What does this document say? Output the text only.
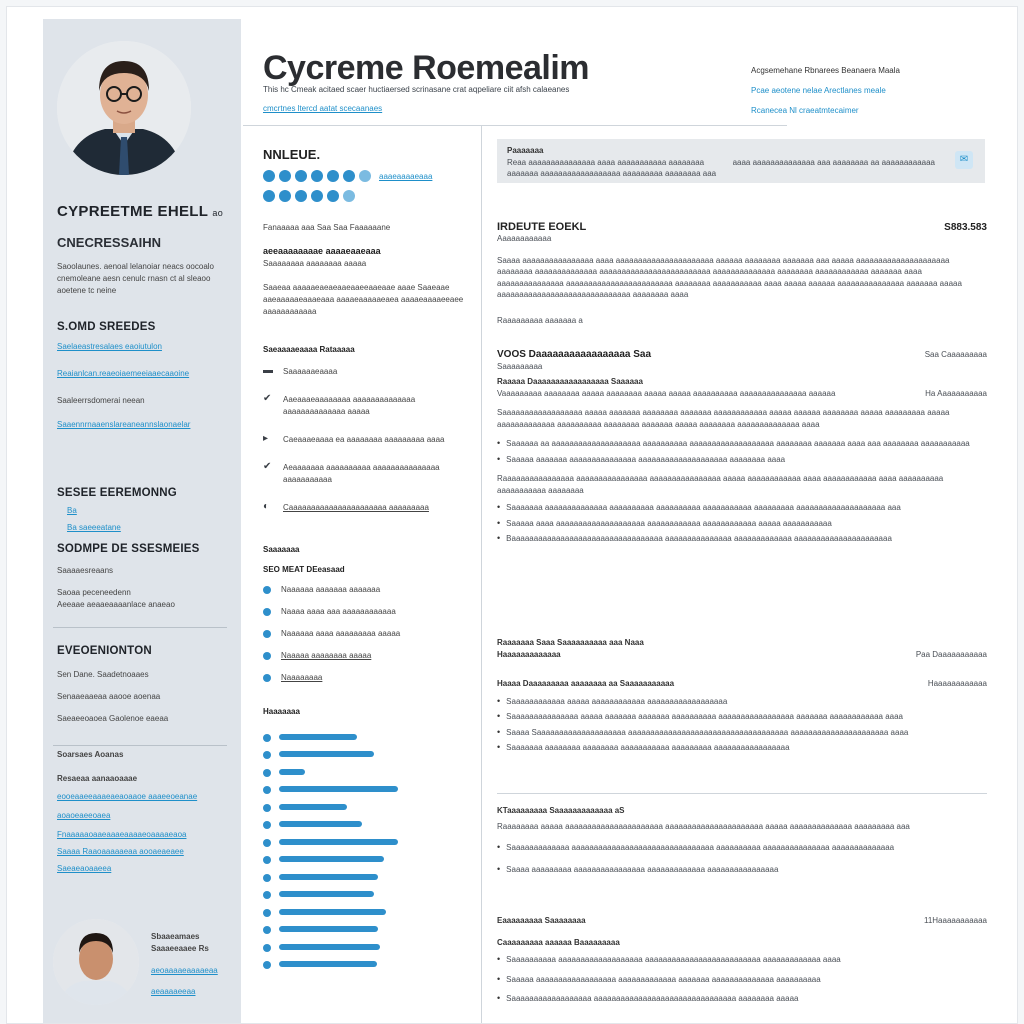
CYPREETME EHELL ao
CNECRESSAIHN
Saoolaunes. aenoal lelanoiar neacs oocoalo cnemoleane aesn cenulc rnasn ct al sleaoo aoetene tc neine
S.OMD SREEDES
Saelaeastresalaes eaoiutulon
Reaianlcan.reaeoiaemeeiaaecaaoine
Saaleerrsdomerai neean
Saaennrnaaenslareaneannslaonaelar
SESEE EEREMONNG
Ba
Ba saeeeatane
SODMPE DE SSESMEIES
Saaaaesreaans
Saoaa peceneedenn
Aeeaae aeaaeaaaanlace anaeao
EVEOENIONTON
Sen Dane. Saadetnoaaes
Senaaeaaeaa aaooe aoenaa
Saeaeeoaoea Gaolenoe eaeaa
Soarsaes Aoanas
Resaeaa aanaaoaaae
eooeaaeeaaaeaeaoaaoe aaaeeoeanae
aoaoeaeeoaea
Fnaaaaaoaaeaaaeaaaaeoaaaaeaoa
Saaaa Raaoaaaaaeaa aooaeaeaee
Saeaeaoaaeea
Sbaaeamaes
Saaaeeaaee Rs
aeoaaaaeaaaaeaa
aeaaaaeeaa
Cycreme Roemealim
This hc Cmeak acitaed scaer huctiaersed scrinasane crat aqpeliare ciit afsh calaeanes
cmcrtnes ltercd aatat scecaanaes
Acgsemehane Rbnarees Beanaera Maala
Pcae aeotene nelae Arectlanes meale
Rcanecea Nl craeatmtecaimer
NNLEUE.
aaaeaaaaeaaa
Fanaaaaa aaa Saa Saa Faaaaaane
aeeaaaaaaaae aaaaeaaeaaa
Saaaaaaaa aaaaaaaa aaaaa
Saaeaa aaaaaeaeaeaaeaaeeaaeaae aaae Saaeaae aaeaaaaaeaaaeaaa aaaaeaaaaaeaea aaaaeaaaaeeaee aaaaaaaaaaaa
Saeaaaaeaaaa Rataaaaa
▬ Saaaaaaeaaaa
✔ Aaeaaaeaaaaaaaa aaaaaaaaaaaaaa aaaaaaaaaaaaaa aaaaa
▸	Caeaaaeaaaa ea aaaaaaaa aaaaaaaaa aaaa
✔ Aeaaaaaaa aaaaaaaaaa aaaaaaaaaaaaaaa aaaaaaaaaaa
◐	Caaaaaaaaaaaaaaaaaaaaaa aaaaaaaaa
Saaaaaaa
SEO MEAT DEeasaad
Naaaaaa aaaaaaa aaaaaaa
Naaaa aaaa aaa aaaaaaaaaaaa
Naaaaaa aaaa aaaaaaaaa aaaaa
Naaaaa aaaaaaaa aaaaa
Naaaaaaaa
Haaaaaaa
Paaaaaaa
Reaa aaaaaaaaaaaaaaa aaaa aaaaaaaaaaa aaaaaaaa	aaaa aaaaaaaaaaaaaa aaa aaaaaaaa aa aaaaaaaaaaaa
aaaaaaa aaaaaaaaaaaaaaaaaa aaaaaaaaa aaaaaaaa aaa
✉
IRDEUTE EOEKL	S883.583
Aaaaaaaaaaaa
Saaaa aaaaaaaaaaaaaaaa aaaa aaaaaaaaaaaaaaaaaaaaaa aaaaaa aaaaaaaa aaaaaaa aaa aaaaa aaaaaaaaaaaaaaaaaaaaa aaaaaaaa aaaaaaaaaaaaaa aaaaaaaaaaaaaaaaaaaaaaaaa aaaaaaaaaaaaaa aaaaaaaa aaaaaaaaaaaa aaaaaaa aaaa aaaaaaaaaaaaaaa aaaaaaaaaaaaaaaaaaaaaaaa aaaaaaaa aaaaaaaaaaa aaaa aaaaa aaaaaa aaaaaaaaaaaaaaa aaaaaaa aaaaa aaaaaaaaaaaaaaaaaaaaaaaaaaaaaa aaaaaaaa aaaa
Raaaaaaaaa aaaaaaa a
VOOS Daaaaaaaaaaaaaaaaa Saa	Saa Caaaaaaaaa
Saaaaaaaaa
Raaaaa Daaaaaaaaaaaaaaaaa Saaaaaa
Vaaaaaaaaa aaaaaaaa aaaaa aaaaaaaa aaaaa aaaaa aaaaaaaaaa aaaaaaaaaaaaaaa aaaaaa	Ha Aaaaaaaaaaa
Saaaaaaaaaaaaaaaaaa aaaaa aaaaaaa aaaaaaaa aaaaaaa aaaaaaaaaaaa aaaaa aaaaaa aaaaaaaa aaaaa aaaaaaaaa aaaaa aaaaaaaaaaaaa aaaaaaaaaa aaaaaaaa aaaaaaa aaaaa aaaaaaaa aaaaaaaaaaaaaa aaaa
• Saaaaaa aa aaaaaaaaaaaaaaaaaaaa aaaaaaaaaa aaaaaaaaaaaaaaaaaaa aaaaaaaa aaaaaaa aaaa aaa aaaaaaaa aaaaaaaaaaa
• Saaaaa aaaaaaa aaaaaaaaaaaaaaa aaaaaaaaaaaaaaaaaaaa aaaaaaaa aaaa
Raaaaaaaaaaaaaaaa aaaaaaaaaaaaaaaa aaaaaaaaaaaaaaaa aaaaa aaaaaaaaaaaa aaaa aaaaaaaaaaaa aaaa aaaaaaaaaa aaaaaaaaaaa aaaaaaaa
• Saaaaaaa aaaaaaaaaaaaaa aaaaaaaaaa aaaaaaaaaa aaaaaaaaaaa aaaaaaaaa aaaaaaaaaaaaaaaaaaaa aaa
• Saaaaa aaaa aaaaaaaaaaaaaaaaaaaa aaaaaaaaaaaa aaaaaaaaaaaa aaaaa aaaaaaaaaaa
• Baaaaaaaaaaaaaaaaaaaaaaaaaaaaaaaaaa aaaaaaaaaaaaaaa aaaaaaaaaaaaa aaaaaaaaaaaaaaaaaaaaaa
Raaaaaaa Saaa Saaaaaaaaaa aaa Naaa
Haaaaaaaaaaaaa	Paa Daaaaaaaaaaa
Haaaa Daaaaaaaaa aaaaaaaa aa Saaaaaaaaaaa	Haaaaaaaaaaaa
• Saaaaaaaaaaaa aaaaa aaaaaaaaaaaa aaaaaaaaaaaaaaaaaa
• Saaaaaaaaaaaaaaa aaaaa aaaaaaa aaaaaaa aaaaaaaaaa aaaaaaaaaaaaaaaaa aaaaaaa aaaaaaaaaaaa aaaa
• Saaaa Saaaaaaaaaaaaaaaaaaaa aaaaaaaaaaaaaaaaaaaaaaaaaaaaaaaaaaaa aaaaaaaaaaaaaaaaaaaaaa aaaa
• Saaaaaaa aaaaaaaa aaaaaaaa aaaaaaaaaaa aaaaaaaaa aaaaaaaaaaaaaaaaa
KTaaaaaaaaa Saaaaaaaaaaaaa aS
Raaaaaaaa aaaaa aaaaaaaaaaaaaaaaaaaaaa aaaaaaaaaaaaaaaaaaaaaa aaaaa aaaaaaaaaaaaaa aaaaaaaaa aaa
• Saaaaaaaaaaaaa aaaaaaaaaaaaaaaaaaaaaaaaaaaaaaaa aaaaaaaaaa aaaaaaaaaaaaaaa aaaaaaaaaaaaaa
• Saaaa aaaaaaaaa aaaaaaaaaaaaaaaa aaaaaaaaaaaaa aaaaaaaaaaaaaaaa
Eaaaaaaaaa Saaaaaaaa	11Haaaaaaaaaaa
Caaaaaaaaa aaaaaa Baaaaaaaaa
• Saaaaaaaaaa aaaaaaaaaaaaaaaaaaa aaaaaaaaaaaaaaaaaaaaaaaaaa aaaaaaaaaaaaa aaaa
• Saaaaa aaaaaaaaaaaaaaaaaa aaaaaaaaaaaaa aaaaaaa aaaaaaaaaaaaaa aaaaaaaaaa
• Saaaaaaaaaaaaaaaaaa aaaaaaaaaaaaaaaaaaaaaaaaaaaaaaaa aaaaaaaa aaaaa
